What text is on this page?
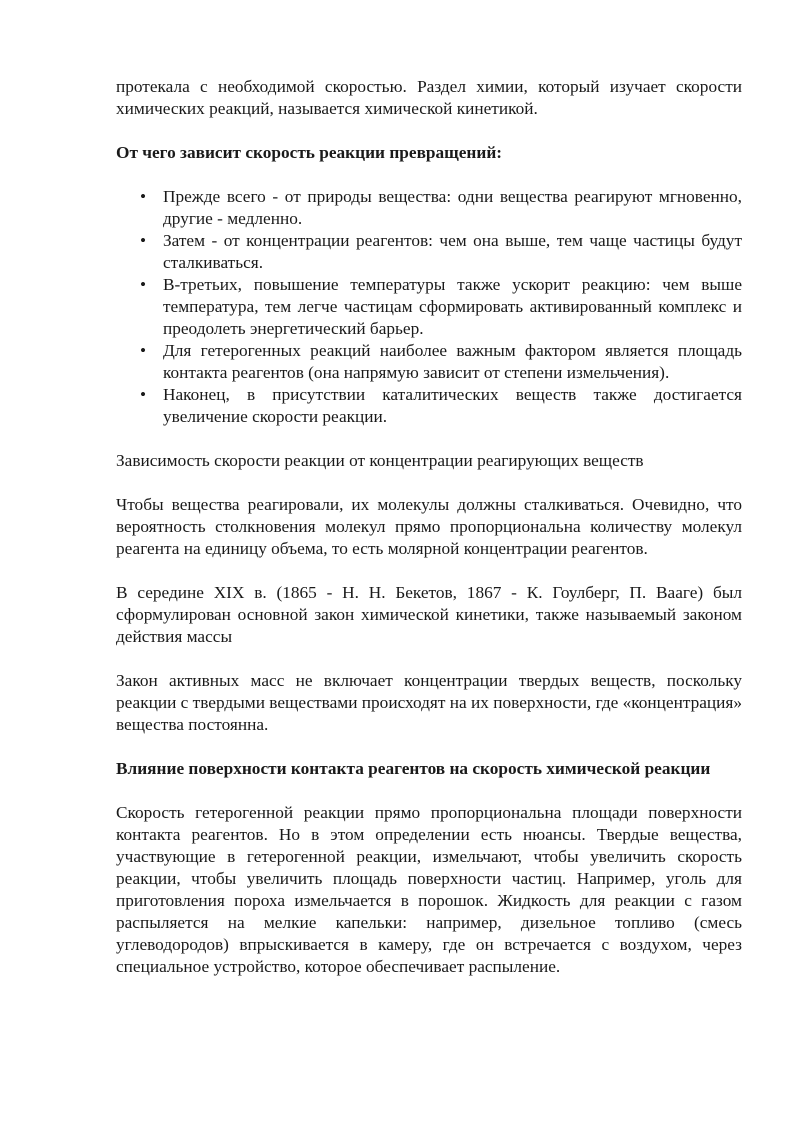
протекала с необходимой скоростью. Раздел химии, который изучает скорости химических реакций, называется химической кинетикой.

От чего зависит скорость реакции превращений:
• Прежде всего - от природы вещества: одни вещества реагируют мгновенно, другие - медленно.
• Затем - от концентрации реагентов: чем она выше, тем чаще частицы будут сталкиваться.
• В-третьих, повышение температуры также ускорит реакцию: чем выше температура, тем легче частицам сформировать активированный комплекс и преодолеть энергетический барьер.
• Для гетерогенных реакций наиболее важным фактором является площадь контакта реагентов (она напрямую зависит от степени измельчения).
• Наконец, в присутствии каталитических веществ также достигается увеличение скорости реакции.

Зависимость скорости реакции от концентрации реагирующих веществ

Чтобы вещества реагировали, их молекулы должны сталкиваться. Очевидно, что вероятность столкновения молекул прямо пропорциональна количеству молекул реагента на единицу объема, то есть молярной концентрации реагентов.

В середине XIX в. (1865 - Н. Н. Бекетов, 1867 - К. Гоулберг, П. Вааге) был сформулирован основной закон химической кинетики, также называемый законом действия массы

Закон активных масс не включает концентрации твердых веществ, поскольку реакции с твердыми веществами происходят на их поверхности, где «концентрация» вещества постоянна.

Влияние поверхности контакта реагентов на скорость химической реакции

Скорость гетерогенной реакции прямо пропорциональна площади поверхности контакта реагентов. Но в этом определении есть нюансы. Твердые вещества, участвующие в гетерогенной реакции, измельчают, чтобы увеличить скорость реакции, чтобы увеличить площадь поверхности частиц. Например, уголь для приготовления пороха измельчается в порошок. Жидкость для реакции с газом распыляется на мелкие капельки: например, дизельное топливо (смесь углеводородов) впрыскивается в камеру, где он встречается с воздухом, через специальное устройство, которое обеспечивает распыление.
